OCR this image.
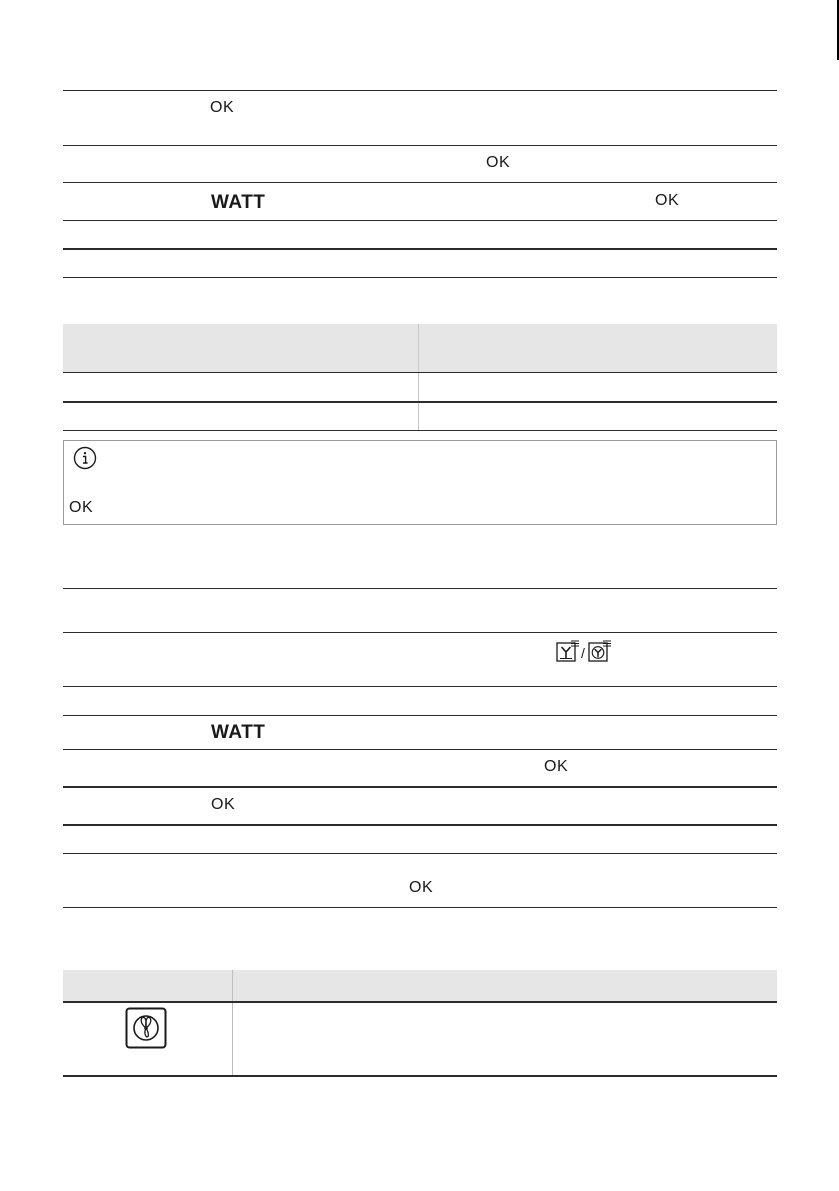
OK
OK
WATT	OK
OK
/
WATT
OK
OK
OK
